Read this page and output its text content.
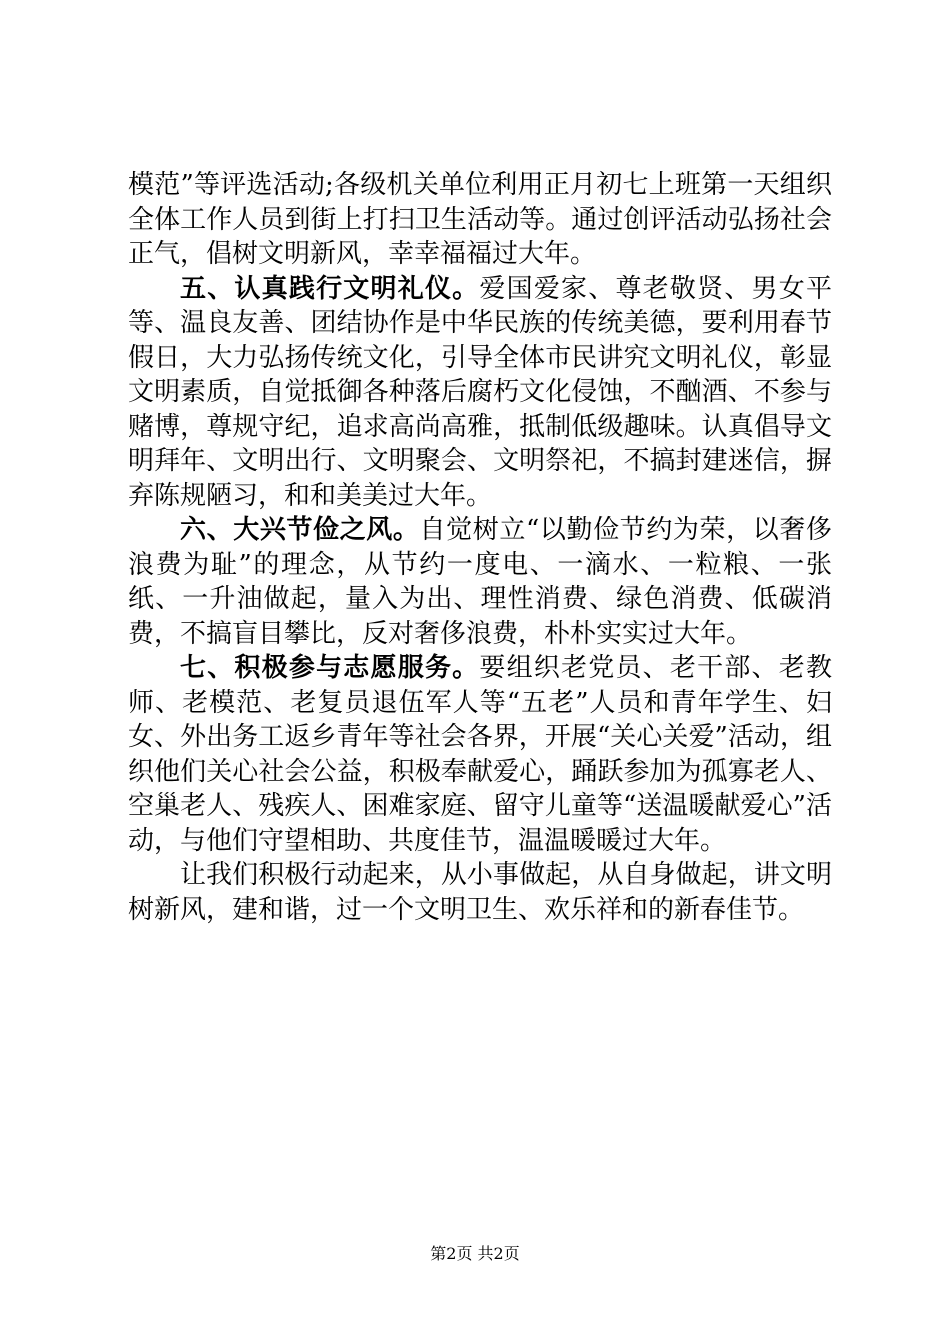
模范”等评选活动;各级机关单位利用正月初七上班第一天组织全体工作人员到街上打扫卫生活动等。通过创评活动弘扬社会正气，倡树文明新风，幸幸福福过大年。

五、认真践行文明礼仪。爱国爱家、尊老敬贤、男女平等、温良友善、团结协作是中华民族的传统美德，要利用春节假日，大力弘扬传统文化，引导全体市民讲究文明礼仪，彰显文明素质，自觉抵御各种落后腐朽文化侵蚀，不酗酒、不参与赌博，尊规守纪，追求高尚高雅，抵制低级趣味。认真倡导文明拜年、文明出行、文明聚会、文明祭祀，不搞封建迷信，摒弃陈规陋习，和和美美过大年。

六、大兴节俭之风。自觉树立“以勤俭节约为荣，以奢侈浪费为耻”的理念，从节约一度电、一滴水、一粒粮、一张纸、一升油做起，量入为出、理性消费、绿色消费、低碳消费，不搞盲目攀比，反对奢侈浪费，朴朴实实过大年。

七、积极参与志愿服务。要组织老党员、老干部、老教师、老模范、老复员退伍军人等“五老”人员和青年学生、妇女、外出务工返乡青年等社会各界，开展“关心关爱”活动，组织他们关心社会公益，积极奉献爱心，踊跃参加为孤寡老人、空巢老人、残疾人、困难家庭、留守儿童等“送温暖献爱心”活动，与他们守望相助、共度佳节，温温暖暖过大年。

让我们积极行动起来，从小事做起，从自身做起，讲文明树新风，建和谐，过一个文明卫生、欢乐祥和的新春佳节。

第2页 共2页
